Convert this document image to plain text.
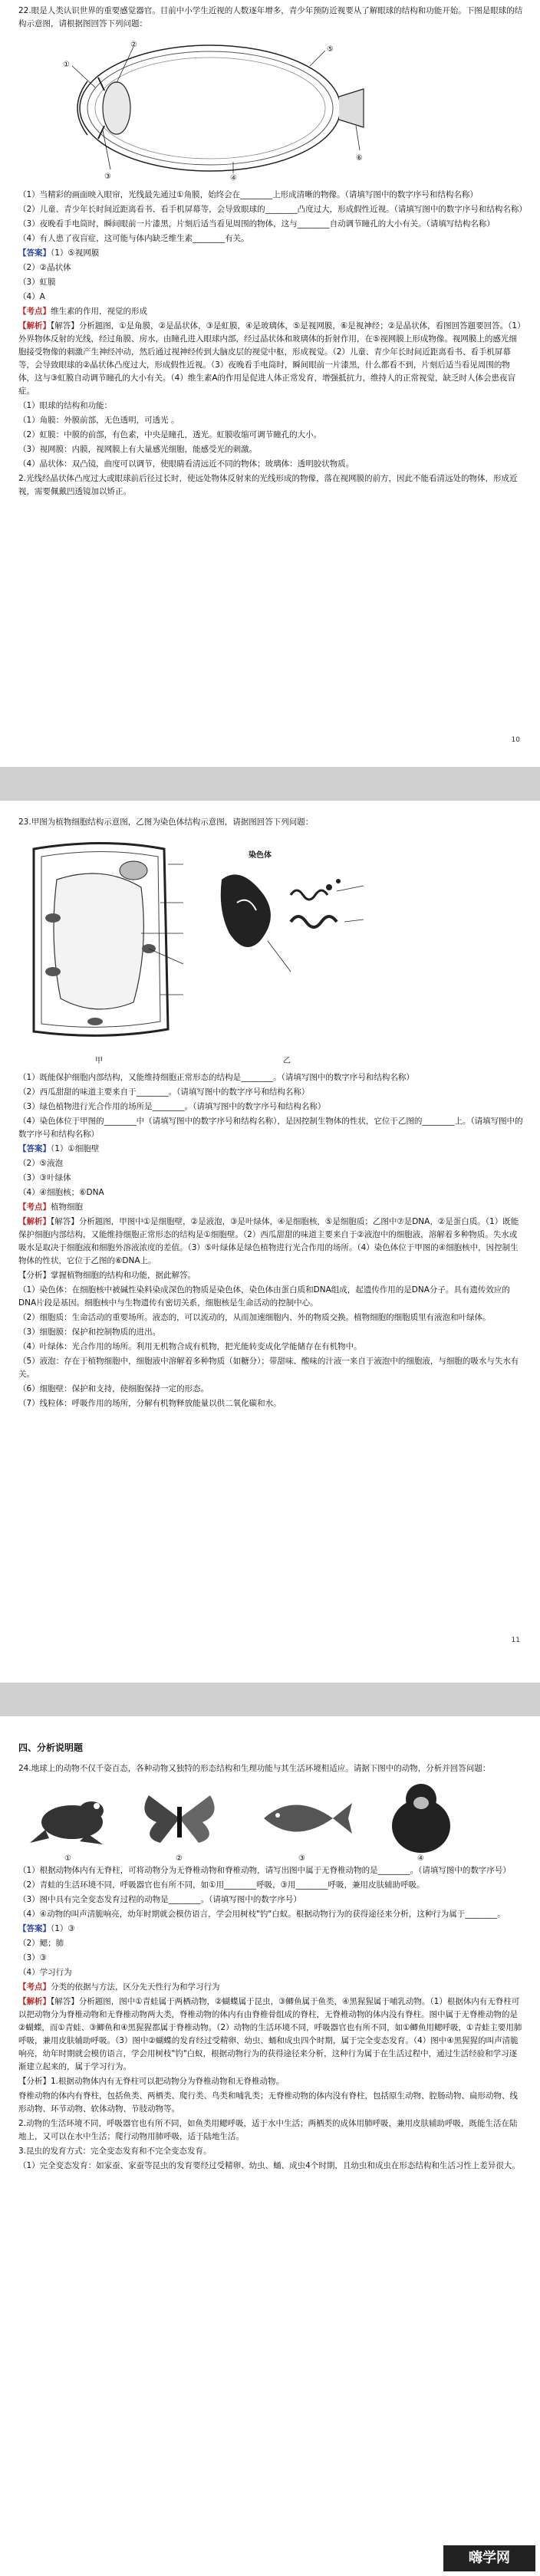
22.眼是人类认识世界的重要感觉器官。目前中小学生近视的人数逐年增多，青少年预防近视要从了解眼球的结构和功能开始。下图是眼球的结构示意图，请根据图回答下列问题：

①
②
③	④
⑤
⑥

（1）当精彩的画面映入眼帘，光线最先通过①角膜，始终会在________上形成清晰的物像。（请填写图中的数字序号和结构名称）

（2）儿童、青少年长时间近距离看书、看手机屏幕等，会导致眼球的________凸度过大，形成假性近视。（请填写图中的数字序号和结构名称）

（3）夜晚看手电筒时，瞬间眼前一片漆黑，片刻后适当看见周围的物体，这与________自动调节瞳孔的大小有关。（请填写结构名称）

（4）有人患了夜盲症，这可能与体内缺乏维生素________有关。

【答案】（1）⑤视网膜

（2）②晶状体

（3）虹膜

（4）A

【考点】维生素的作用，视觉的形成

【解析】【解答】分析题图，①是角膜，②是晶状体，③是虹膜，④是玻璃体，⑤是视网膜，⑥是视神经；②是晶状体，看图回答题要回答。（1）外界物体反射的光线，经过角膜、房水，由瞳孔进入眼球内部，经过晶状体和玻璃体的折射作用，在⑤视网膜上形成物像。视网膜上的感光细胞接受物像的刺激产生神经冲动，然后通过视神经传到大脑皮层的视觉中枢，形成视觉。（2）儿童、青少年长时间近距离看书、看手机屏幕等，会导致眼球的②晶状体凸度过大，形成假性近视。（3）夜晚看手电筒时，瞬间眼前一片漆黑，什么都看不到，片刻后适当看见周围的物体，这与③虹膜自动调节瞳孔的大小有关。（4）维生素A的作用是促进人体正常发育，增强抵抗力，维持人的正常视觉，缺乏时人体会患夜盲症。

（1）眼球的结构和功能：

（1）角膜：外膜前部，无色透明，可透光 。

（2）虹膜：中膜的前部，有色素，中央是瞳孔，透光。虹膜收缩可调节瞳孔的大小。

（3）视网膜：内膜，视网膜上有大量感光细胞，能感受光的刺激。

（4）晶状体：双凸镜，曲度可以调节，使眼睛看清远近不同的物体；玻璃体：透明胶状物质。

2.光线经晶状体凸度过大或眼球前后径过长时，使远处物体反射来的光线形成的物像，落在视网膜的前方，因此不能看清远处的物体，形成近视，需要佩戴凹透镜加以矫正。

10

23.甲图为植物细胞结构示意图，乙图为染色体结构示意图，请据图回答下列问题：

甲
染色体
乙

（1）既能保护细胞内部结构，又能维持细胞正常形态的结构是________。（请填写图中的数字序号和结构名称）

（2）西瓜甜甜的味道主要来自于________。（请填写图中的数字序号和结构名称）

（3）绿色植物进行光合作用的场所是________。（请填写图中的数字序号和结构名称）

（4）染色体位于甲图的________中（请填写图中的数字序号和结构名称），是因控制生物体的性状，它位于乙图的________上。（请填写图中的数字序号和结构名称）

【答案】（1）①细胞壁

（2）⑤液泡

（3）③叶绿体

（4）④细胞核；⑥DNA

【考点】植物细胞

【解析】【解答】分析题图，甲图中①是细胞壁，②是液泡，③是叶绿体，④是细胞核，⑤是细胞质；乙图中⑦是DNA，②是蛋白质。（1）既能保护细胞内部结构，又能维持细胞正常形态的结构是①细胞壁。（2）西瓜甜甜的味道主要来自于②液泡中的细胞液，溶解着多种物质。失水或吸水是取决于细胞液和细胞外溶液浓度的差值。（3）⑤叶绿体是绿色植物进行光合作用的场所。（4）染色体位于甲图的④细胞核中，因控制生物体的性状，它位于乙图的⑥DNA上。

【分析】掌握植物细胞的结构和功能，据此解答。

（1）染色体：在细胞核中被碱性染料染成深色的物质是染色体，染色体由蛋白质和DNA组成，起遗传作用的是DNA分子。具有遗传效应的DNA片段是基因。细胞核中与生物遗传有密切关系，细胞核是生命活动的控制中心。

（2）细胞质：生命活动的重要场所。液态的，可以流动的，从而加速细胞内、外的物质交换。植物细胞的细胞质里有液泡和叶绿体。

（3）细胞膜：保护和控制物质的进出。

（4）叶绿体：光合作用的场所。利用无机物合成有机物，把光能转变成化学能储存在有机物中。

（5）液泡：存在于植物细胞中，细胞液中溶解着多种物质（如糖分）；带甜味、酸味的汁液一来自于液泡中的细胞液，与细胞的吸水与失水有关。

（6）细胞壁：保护和支持，使细胞保持一定的形态。

（7）线粒体：呼吸作用的场所，分解有机物释放能量以供二氧化碳和水。

11
四、分析说明题

24.地球上的动物不仅千姿百态，各种动物又独特的形态结构和生理功能与其生活环境相适应。请据下图中的动物，分析并回答问题：

①	②	③	④

（1）根据动物体内有无脊柱，可将动物分为无脊椎动物和脊椎动物，请写出图中属于无脊椎动物的是________。（请填写图中的数字序号）

（2）青蛙的生活环境不同，呼吸器官也有所不同，如①用________呼吸，③用________呼吸，兼用皮肤辅助呼吸。

（3）图中具有完全变态发育过程的动物是________。（请填写图中的数字序号）

（4）④动物的叫声清脆响亮，幼年时期就会模仿语言，学会用树枝"钓"白蚁。根据动物行为的获得途径来分析，这种行为属于________。

【答案】（1）③

（2）鳃；肺

（3）③

（4）学习行为

【考点】分类的依据与方法，区分先天性行为和学习行为

【解析】【解答】分析题图，图中①青蛙属于两栖动物，②蝴蝶属于昆虫，③鲫鱼属于鱼类，④黑猩猩属于哺乳动物。（1）根据体内有无脊柱可以把动物分为脊椎动物和无脊椎动物两大类，脊椎动物的体内有由脊椎骨组成的脊柱，无脊椎动物的体内没有脊柱。图中属于无脊椎动物的是②蝴蝶，而①青蛙、③鲫鱼和④黑猩猩都属于脊椎动物。（2）动物的生活环境不同，呼吸器官也有所不同，如①鲫鱼用鳃呼吸，①青蛙主要用肺呼吸，兼用皮肤辅助呼吸。（3）图中②蝴蝶的发育经过受精卵、幼虫、蛹和成虫四个时期，属于完全变态发育。（4）图中④黑猩猩的叫声清脆响亮，幼年时期就会模仿语言，学会用树枝"钓"白蚁，根据动物行为的获得途径来分析，这种行为属于在生活过程中，通过生活经验和学习逐渐建立起来的，属于学习行为。

【分析】1.根据动物体内有无脊柱可以把动物分为脊椎动物和无脊椎动物。

脊椎动物的体内有脊柱，包括鱼类、两栖类、爬行类、鸟类和哺乳类；无脊椎动物的体内没有脊柱，包括原生动物、腔肠动物、扁形动物、线形动物、环节动物、软体动物、节肢动物等。

2.动物的生活环境不同，呼吸器官也有所不同，如鱼类用鳃呼吸，适于水中生活；两栖类的成体用肺呼吸，兼用皮肤辅助呼吸，既能生活在陆地上，又可以在水中生活；爬行动物用肺呼吸，适于陆地生活。

3.昆虫的发育方式：完全变态发育和不完全变态发育。

（1）完全变态发育：如家蚕、家蚕等昆虫的发育要经过受精卵、幼虫、蛹、成虫4个时期，且幼虫和成虫在形态结构和生活习性上差异很大。

嗨学网
